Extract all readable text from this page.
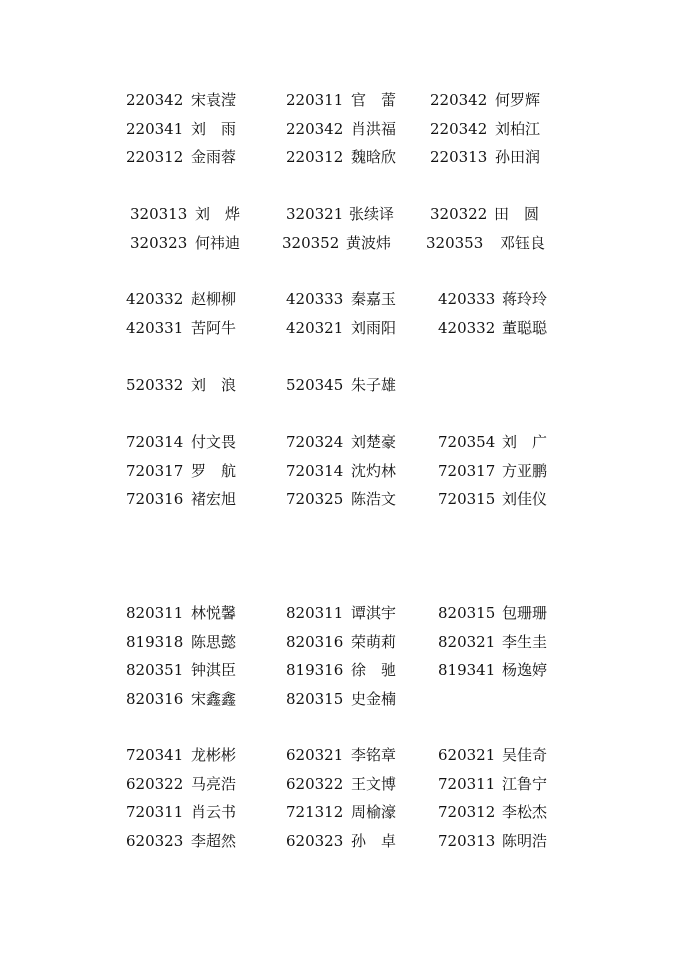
220342 宋袁滢	220311 官　蕾 220342 何罗辉
220341 刘　雨	220342 肖洪福 220342 刘柏江
220312 金雨蓉	220312 魏晗欣 220313 孙田润
320313 刘　烨	320321 张续译 320322 田　圆
320323 何祎迪	320352 黄波炜 320353 邓钰良
420332 赵柳柳	420333 秦嘉玉	420333 蒋玲玲
420331 苦阿牛	420321 刘雨阳	420332 董聪聪
520332 刘　浪	520345 朱子雄
720314 付文畏	720324 刘楚豪	720354 刘　广
720317 罗　航	720314 沈灼林	720317 方亚鹏
720316 褚宏旭	720325 陈浩文	720315 刘佳仪
820311 林悦馨	820311 谭淇宇	820315 包珊珊
819318 陈思懿	820316 荣萌莉	820321 李生圭
820351 钟淇臣	819316 徐　驰	819341 杨逸婷
820316 宋鑫鑫	820315 史金楠
720341 龙彬彬	620321 李铭章	620321 吴佳奇
620322 马亮浩	620322 王文博	720311 江鲁宁
720311 肖云书	721312 周榆濠	720312 李松杰
620323 李超然	620323 孙　卓	720313 陈明浩
